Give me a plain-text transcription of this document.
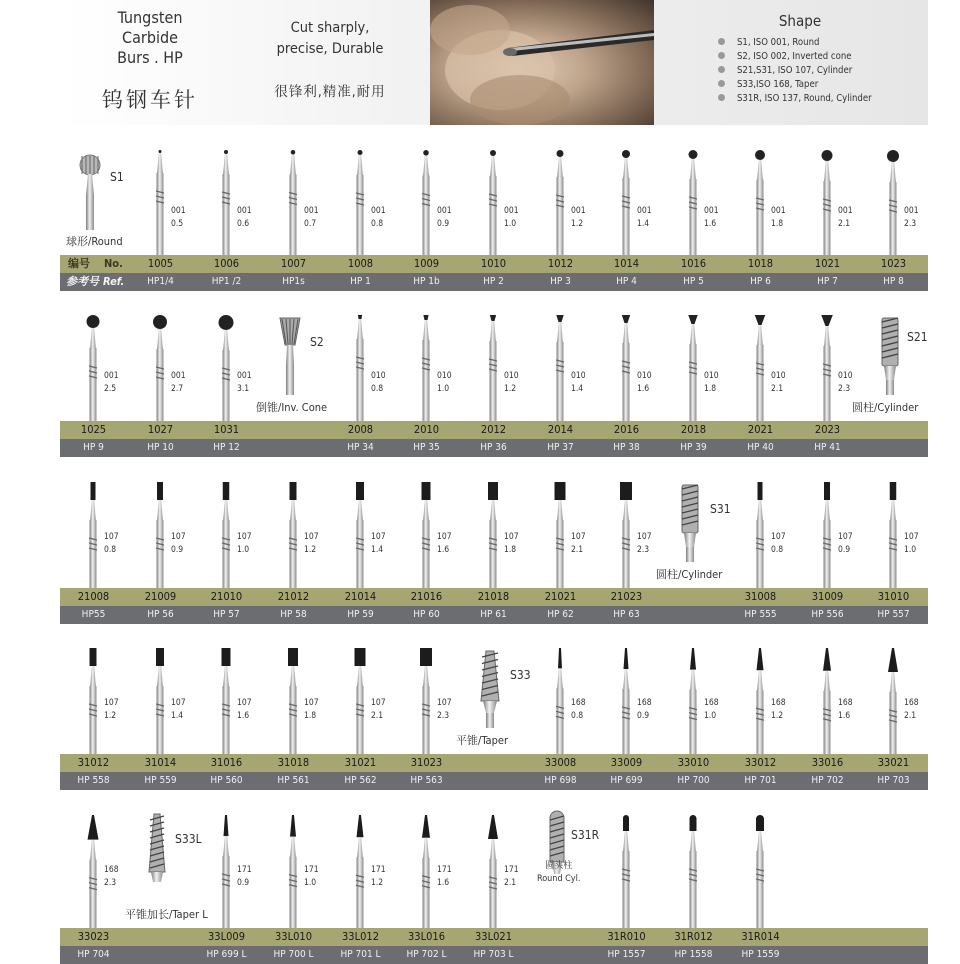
Tungsten Carbide
Burs . HP
钨钢车针
Cut sharply,
precise, Durable
很锋利,精准,耐用
Shape
S1, ISO 001, Round
S2, ISO 002, Inverted cone
S21,S31, ISO 107, Cylinder
S33,ISO 168, Taper
S31R, ISO 137, Round, Cylinder
S1
球形/Round
001
0.5
001
0.6
001
0.7
001
0.8
001
0.9
001
1.0
001
1.2
001
1.4
001
1.6
001
1.8
001
2.1
001
2.3
编号 No.	1005	1006	1007	1008	1009	1010	1012	1014	1016	1018	1021	1023
参考号 Ref.	HP1/4	HP1 /2	HP1s	HP 1	HP 1b	HP 2	HP 3	HP 4	HP 5	HP 6	HP 7	HP 8
001
2.5
001
2.7
001
3.1
S2
倒锥/Inv. Cone
010
0.8
010
1.0
010
1.2
010
1.4
010
1.6
010
1.8
010
2.1
010
2.3
S21
圆柱/Cylinder
1025	1027	1031	2008	2010	2012	2014	2016	2018	2021	2023
HP 9	HP 10	HP 12	HP 34	HP 35	HP 36	HP 37	HP 38	HP 39	HP 40	HP 41
107
0.8
107
0.9
107
1.0
107
1.2
107
1.4
107
1.6
107
1.8
107
2.1
107
2.3
S31
圆柱/Cylinder
107
0.8
107
0.9
107
1.0
21008	21009	21010	21012	21014	21016	21018	21021	21023	31008	31009	31010
HP55	HP 56	HP 57	HP 58	HP 59	HP 60	HP 61	HP 62	HP 63	HP 555	HP 556	HP 557
107
1.2
107
1.4
107
1.6
107
1.8
107
2.1
107
2.3
S33
平锥/Taper
168
0.8
168
0.9
168
1.0
168
1.2
168
1.6
168
2.1
31012	31014	31016	31018	31021	31023	33008	33009	33010	33012	33016	33021
HP 558	HP 559	HP 560	HP 561	HP 562	HP 563	HP 698	HP 699	HP 700	HP 701	HP 702	HP 703
168
2.3
S33L
平锥加长/Taper L
171
0.9
171
1.0
171
1.2
171
1.6
171
2.1
S31R
圆头柱
Round Cyl.
33023	33L009	33L010	33L012	33L016	33L021	31R010	31R012	31R014
HP 704	HP 699 L	HP 700 L	HP 701 L	HP 702 L	HP 703 L	HP 1557	HP 1558	HP 1559
